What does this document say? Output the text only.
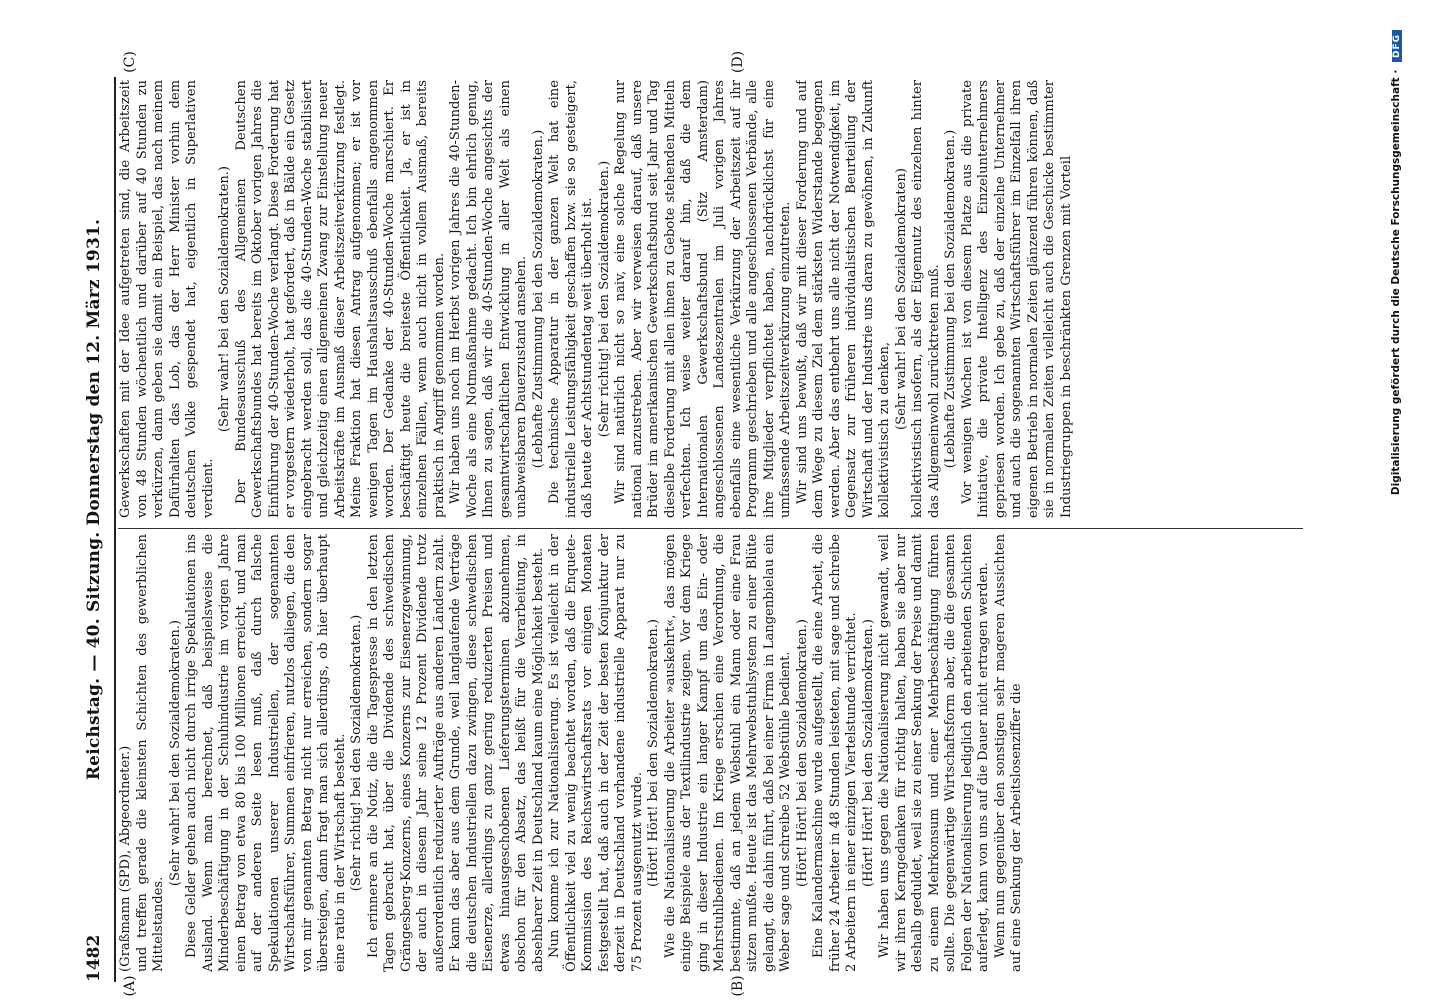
1482
Reichstag. — 40. Sitzung. Donnerstag den 12. März 1931.

(Graßmann (SPD), Abgeordneter.) und treffen gerade die kleinsten Schichten des gewerblichen Mittelstandes.

(Sehr wahr! bei den Sozialdemokraten.) Diese Gelder gehen auch nicht durch irrige Spekulationen ins Ausland. Wenn man berechnet, daß beispielsweise die Minderbeschäftigung in der Schuhindustrie im vorigen Jahre einen Betrag von etwa 80 bis 100 Millionen erreicht, und man auf der anderen Seite lesen muß, daß durch falsche Spekulationen unserer Industriellen, der sogenannten Wirtschaftsführer, Summen einfrieren, nutzlos daliegen, die den von mir genannten Betrag nicht nur erreichen, sondern sogar übersteigen, dann fragt man sich allerdings, ob hier überhaupt eine ratio in der Wirtschaft besteht. (Sehr richtig! bei den Sozialdemokraten.) Ich erinnere an die Notiz, die die Tagespresse in den letzten Tagen gebracht hat, über die Dividende des schwedischen Grängesberg-Konzerns, eines Konzerns zur Eisenerzgewinnung, der auch in diesem Jahr seine 12 Prozent Dividende trotz außerordentlich reduzierter Aufträge aus anderen Ländern zahlt. Er kann das aber aus dem Grunde, weil langlaufende Verträge die deutschen Industriellen dazu zwingen, diese schwedischen Eisenerze, allerdings zu ganz gering reduzierten Preisen und etwas hinausgeschobenen Lieferungsterminen abzunehmen, obschon für den Absatz, das heißt für die Verarbeitung, in absehbarer Zeit in Deutschland kaum eine Möglichkeit besteht. Nun komme ich zur Nationalisierung. Es ist vielleicht in der Öffentlichkeit viel zu wenig beachtet worden, daß die Enquete-Kommission des Reichswirtschaftsrats vor einigen Monaten festgestellt hat, daß auch in der Zeit der besten Konjunktur der derzeit in Deutschland vorhandene industrielle Apparat nur zu 75 Prozent ausgenutzt wurde. (Hört! Hört! bei den Sozialdemokraten.) Wie die Nationalisierung die Arbeiter »auskehrt«, das mögen einige Beispiele aus der Textilindustrie zeigen. Vor dem Kriege ging in dieser Industrie ein langer Kampf um das Ein- oder Mehrstuhlbedienen. Im Kriege erschien eine Verordnung, die bestimmte, daß an jedem Webstuhl ein Mann oder eine Frau sitzen mußte. Heute ist das Mehrwebstuhlsystem zu einer Blüte gelangt, die dahin führt, daß bei einer Firma in Langenbielau ein Weber sage und schreibe 52 Webstühle bedient. (Hört! Hört! bei den Sozialdemokraten.) Eine Kalandermaschine wurde aufgestellt, die eine Arbeit, die früher 24 Arbeiter in 48 Stunden leisteten, mit sage und schreibe 2 Arbeitern in einer einzigen Viertelstunde verrichtet. (Hört! Hört! bei den Sozialdemokraten.) Wir haben uns gegen die Nationalisierung nicht gewandt, weil wir ihren Kerngedanken für richtig halten, haben sie aber nur deshalb geduldet, weil sie zu einer Senkung der Preise und damit zu einem Mehrkonsum und einer Mehrbeschäftigung führen sollte. Die gegenwärtige Wirtschaftsform aber, die die gesamten Folgen der Nationalisierung lediglich den arbeitenden Schichten auferlegt, kann von uns auf die Dauer nicht ertragen werden. Wenn nun gegenüber den sonstigen sehr mageren Aussichten auf eine Senkung der Arbeitslosenziffer die

Gewerkschaften mit der Idee aufgetreten sind, die Arbeitszeit von 48 Stunden wöchentlich und darüber auf 40 Stunden zu verkürzen, dann geben sie damit ein Beispiel, das nach meinem Dafürhalten das Lob, das der Herr Minister vorhin dem deutschen Volke gespendet hat, eigentlich in Superlativen verdient.

(Sehr wahr! bei den Sozialdemokraten.) Der Bundesausschuß des Allgemeinen Deutschen Gewerkschaftsbundes hat bereits im Oktober vorigen Jahres die Einführung der 40-Stunden-Woche verlangt. Diese Forderung hat er vorgestern wiederholt, hat gefordert, daß in Bälde ein Gesetz eingebracht werden soll, das die 40-Stunden-Woche stabilisiert und gleichzeitig einen allgemeinen Zwang zur Einstellung neuer Arbeitskräfte im Ausmaß dieser Arbeitszeitverkürzung festlegt. Meine Fraktion hat diesen Antrag aufgenommen; er ist vor wenigen Tagen im Haushaltsausschuß ebenfalls angenommen worden. Der Gedanke der 40-Stunden-Woche marschiert. Er beschäftigt heute die breiteste Öffentlichkeit. Ja, er ist in einzelnen Fällen, wenn auch nicht in vollem Ausmaß, bereits praktisch in Angriff genommen worden. Wir haben uns noch im Herbst vorigen Jahres die 40-Stunden-Woche als eine Notmaßnahme gedacht. Ich bin ehrlich genug, Ihnen zu sagen, daß wir die 40-Stunden-Woche angesichts der gesamtwirtschaftlichen Entwicklung in aller Welt als einen unabweisbaren Dauerzustand ansehen. (Lebhafte Zustimmung bei den Sozialdemokraten.) Die technische Apparatur in der ganzen Welt hat eine industrielle Leistungsfähigkeit geschaffen bzw. sie so gesteigert, daß heute der Achtstundentag weit überholt ist. (Sehr richtig! bei den Sozialdemokraten.) Wir sind natürlich nicht so naiv, eine solche Regelung nur national anzustreben. Aber wir verweisen darauf, daß unsere Brüder im amerikanischen Gewerkschaftsbund seit Jahr und Tag dieselbe Forderung mit allen ihnen zu Gebote stehenden Mitteln verfechten. Ich weise weiter darauf hin, daß die dem Internationalen Gewerkschaftsbund (Sitz Amsterdam) angeschlossenen Landeszentralen im Juli vorigen Jahres ebenfalls eine wesentliche Verkürzung der Arbeitszeit auf ihr Programm geschrieben und alle angeschlossenen Verbände, alle ihre Mitglieder verpflichtet haben, nachdrücklichst für eine umfassende Arbeitszeitverkürzung einzutreten. Wir sind uns bewußt, daß wir mit dieser Forderung und auf dem Wege zu diesem Ziel dem stärksten Widerstande begegnen werden. Aber das entbehrt uns alle nicht der Notwendigkeit, im Gegensatz zur früheren individualistischen Beurteilung der Wirtschaft und der Industrie uns daran zu gewöhnen, in Zukunft kollektivistisch zu denken, (Sehr wahr! bei den Sozialdemokraten) kollektivistisch insofern, als der Eigennutz des einzelnen hinter das Allgemeinwohl zurücktreten muß. (Lebhafte Zustimmung bei den Sozialdemokraten.) Vor wenigen Wochen ist von diesem Platze aus die private Initiative, die private Intelligenz des Einzelunternehmers gepriesen worden. Ich gebe zu, daß der einzelne Unternehmer und auch die sogenannten Wirtschaftsführer im Einzelfall ihren eigenen Betrieb in normalen Zeiten glänzend führen können, daß sie in normalen Zeiten vielleicht auch die Geschicke bestimmter Industriegruppen in beschränkten Grenzen mit Vorteil

(A)	(B)
(C)	(D)
Digitalisierung gefördert durch die Deutsche Forschungsgemeinschaft · DFG
